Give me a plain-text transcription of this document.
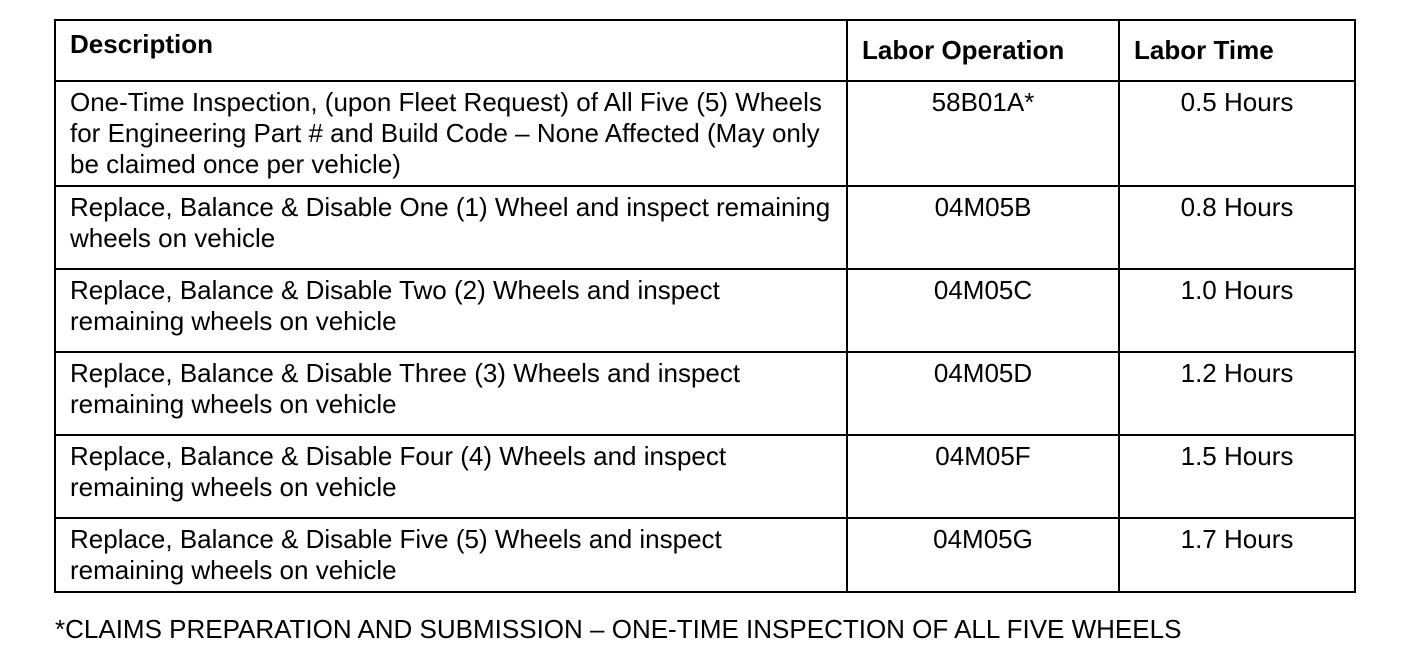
Description	Labor Operation	Labor Time
One-Time Inspection, (upon Fleet Request) of All Five (5) Wheels for Engineering Part # and Build Code – None Affected (May only be claimed once per vehicle)	58B01A*	0.5 Hours
Replace, Balance & Disable One (1) Wheel and inspect remaining wheels on vehicle	04M05B	0.8 Hours
Replace, Balance & Disable Two (2) Wheels and inspect remaining wheels on vehicle	04M05C	1.0 Hours
Replace, Balance & Disable Three (3) Wheels and inspect remaining wheels on vehicle	04M05D	1.2 Hours
Replace, Balance & Disable Four (4) Wheels and inspect remaining wheels on vehicle	04M05F	1.5 Hours
Replace, Balance & Disable Five (5) Wheels and inspect remaining wheels on vehicle	04M05G	1.7 Hours
*CLAIMS PREPARATION AND SUBMISSION – ONE-TIME INSPECTION OF ALL FIVE WHEELS
